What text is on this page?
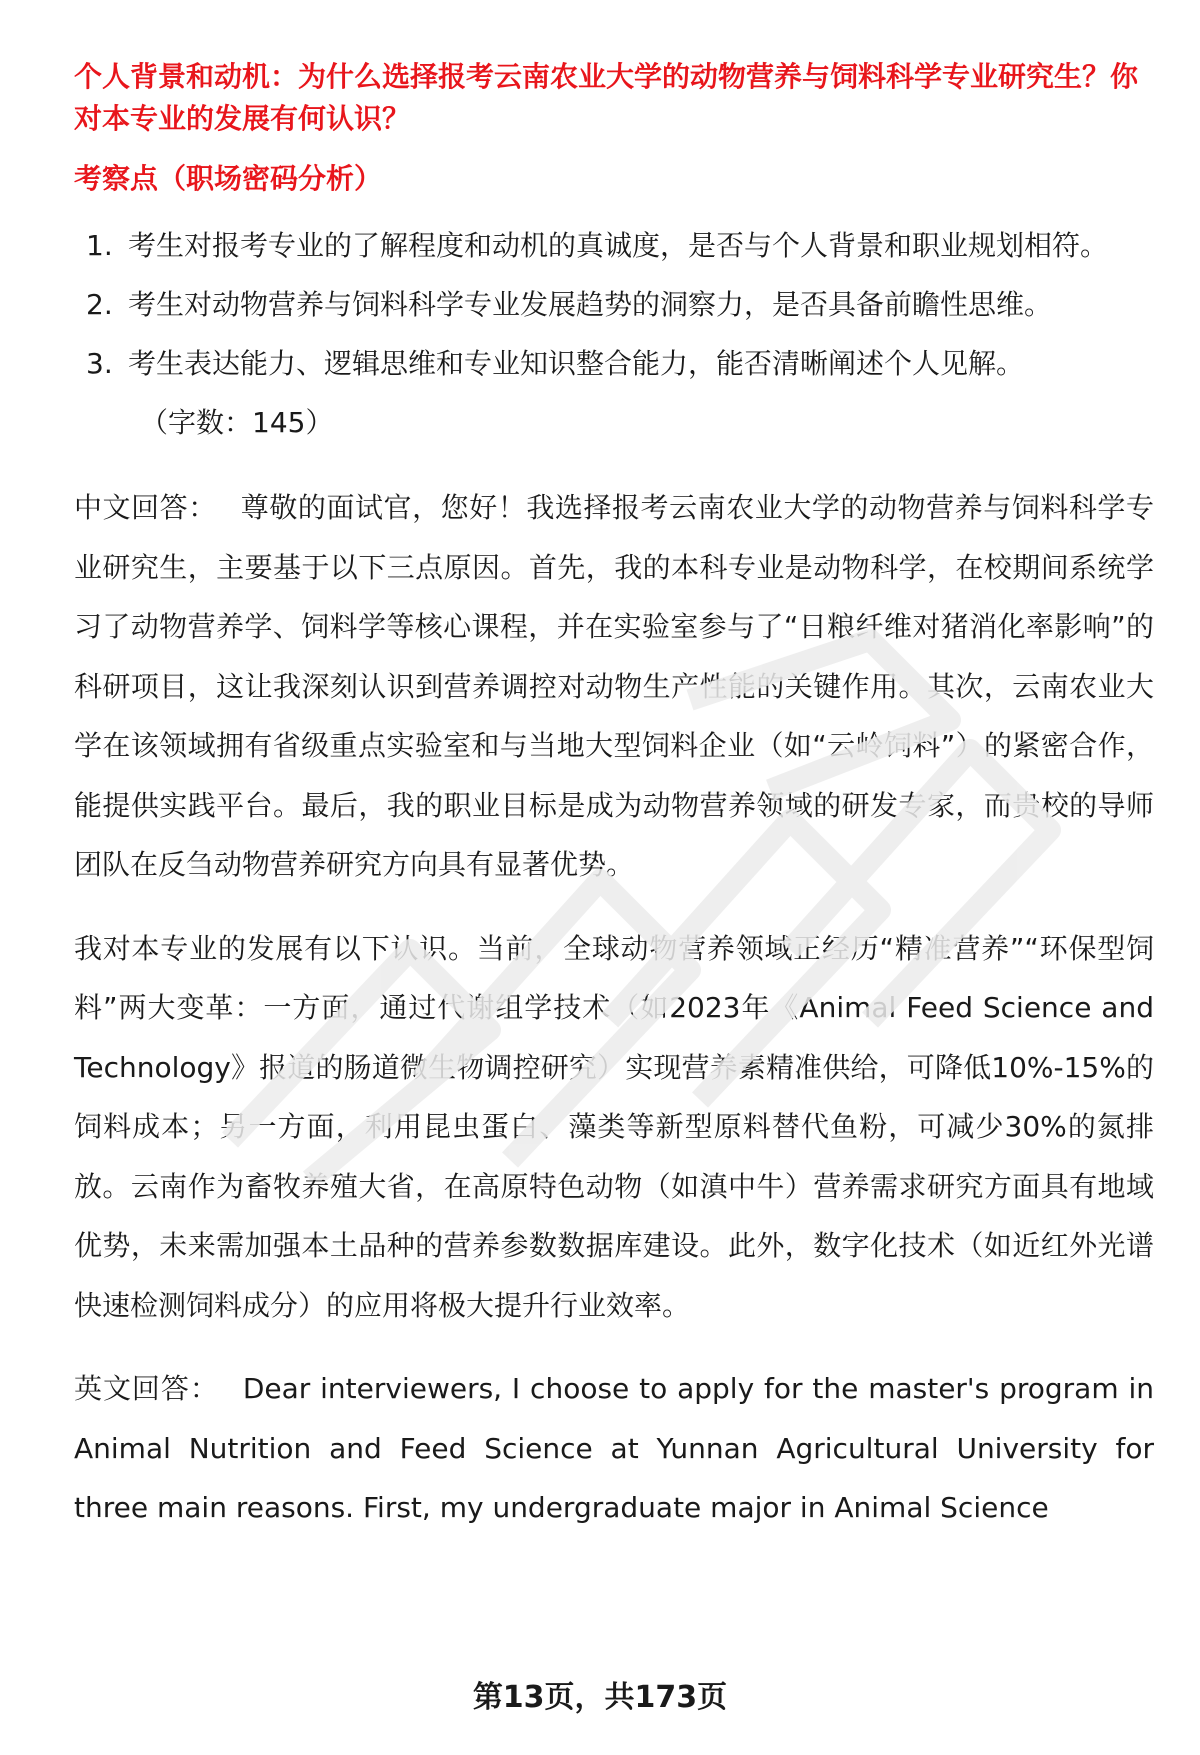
个人背景和动机：为什么选择报考云南农业大学的动物营养与饲料科学专业研究生？你对本专业的发展有何认识？
考察点（职场密码分析）
1. 考生对报考专业的了解程度和动机的真诚度，是否与个人背景和职业规划相符。
2. 考生对动物营养与饲料科学专业发展趋势的洞察力，是否具备前瞻性思维。
3. 考生表达能力、逻辑思维和专业知识整合能力，能否清晰阐述个人见解。
（字数：145）

中文回答： 尊敬的面试官，您好！我选择报考云南农业大学的动物营养与饲料科学专业研究生，主要基于以下三点原因。首先，我的本科专业是动物科学，在校期间系统学习了动物营养学、饲料学等核心课程，并在实验室参与了“日粮纤维对猪消化率影响”的科研项目，这让我深刻认识到营养调控对动物生产性能的关键作用。其次，云南农业大学在该领域拥有省级重点实验室和与当地大型饲料企业（如“云岭饲料”）的紧密合作，能提供实践平台。最后，我的职业目标是成为动物营养领域的研发专家，而贵校的导师团队在反刍动物营养研究方向具有显著优势。

我对本专业的发展有以下认识。当前，全球动物营养领域正经历“精准营养”“环保型饲料”两大变革：一方面，通过代谢组学技术（如2023年《Animal Feed Science and Technology》报道的肠道微生物调控研究）实现营养素精准供给，可降低10%-15%的饲料成本；另一方面，利用昆虫蛋白、藻类等新型原料替代鱼粉，可减少30%的氮排放。云南作为畜牧养殖大省，在高原特色动物（如滇中牛）营养需求研究方面具有地域优势，未来需加强本土品种的营养参数数据库建设。此外，数字化技术（如近红外光谱快速检测饲料成分）的应用将极大提升行业效率。

英文回答： Dear interviewers, I choose to apply for the master's program in Animal Nutrition and Feed Science at Yunnan Agricultural University for three main reasons. First, my undergraduate major in Animal Science

第13页，共173页
